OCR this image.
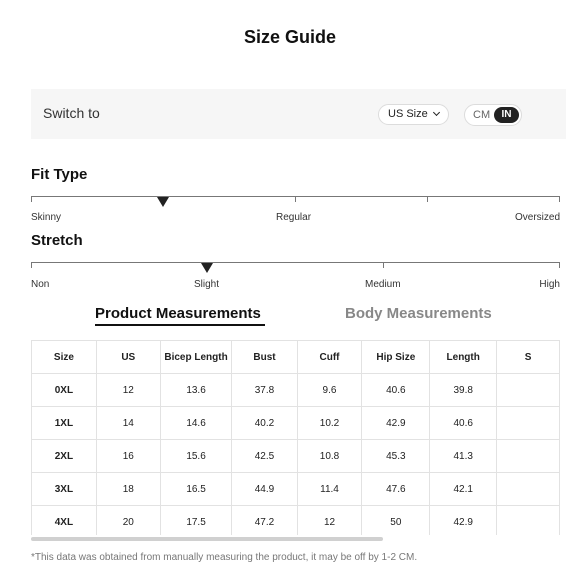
Size Guide
Switch to	US Size	CM	IN
Fit Type
Skinny	Regular	Oversized
Stretch
Non	Slight	Medium	High
Product Measurements	Body Measurements
Size	US	Bicep Length	Bust	Cuff	Hip Size	Length	S
0XL	12	13.6	37.8	9.6	40.6	39.8	
1XL	14	14.6	40.2	10.2	42.9	40.6	
2XL	16	15.6	42.5	10.8	45.3	41.3	
3XL	18	16.5	44.9	11.4	47.6	42.1	
4XL	20	17.5	47.2	12	50	42.9	
*This data was obtained from manually measuring the product, it may be off by 1-2 CM.
